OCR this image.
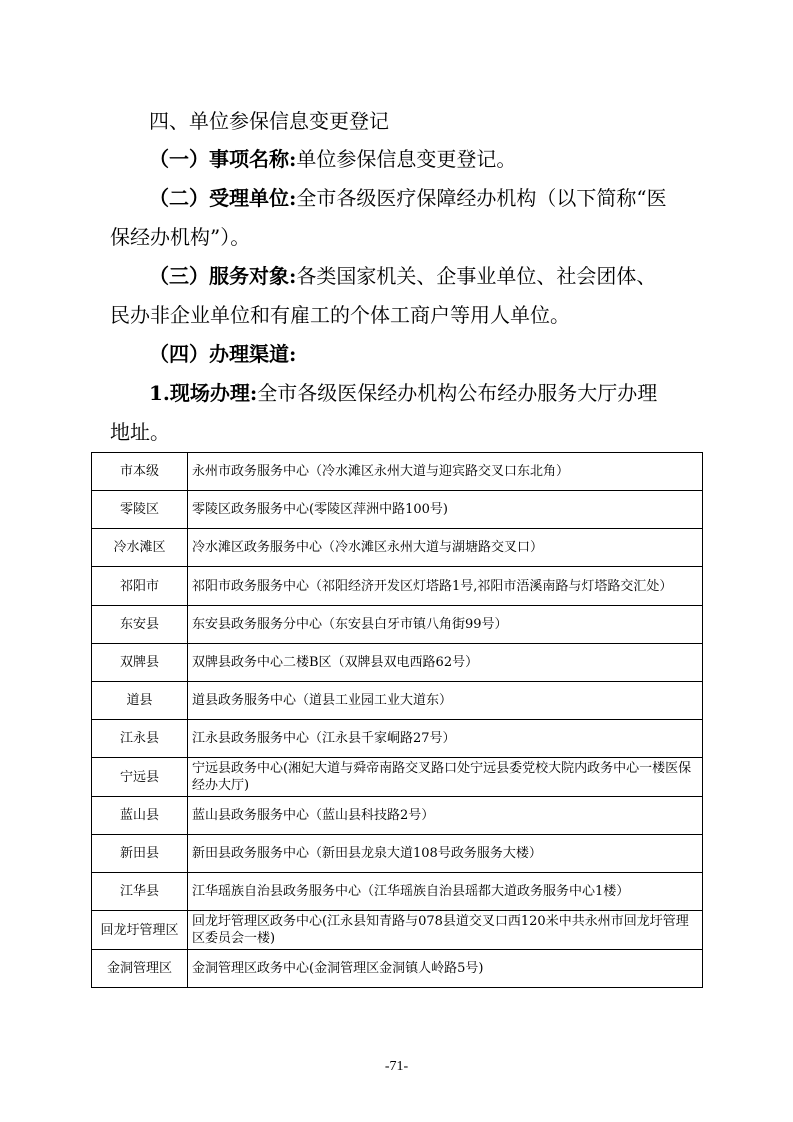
四、单位参保信息变更登记
（一）事项名称:单位参保信息变更登记。
（二）受理单位:全市各级医疗保障经办机构（以下简称“医
保经办机构”）。
（三）服务对象:各类国家机关、企事业单位、社会团体、
民办非企业单位和有雇工的个体工商户等用人单位。
（四）办理渠道:
1.现场办理:全市各级医保经办机构公布经办服务大厅办理
地址。
市本级	永州市政务服务中心（冷水滩区永州大道与迎宾路交叉口东北角）
零陵区	零陵区政务服务中心(零陵区萍洲中路100号)
冷水滩区	冷水滩区政务服务中心（冷水滩区永州大道与湖塘路交叉口）
祁阳市	祁阳市政务服务中心（祁阳经济开发区灯塔路1号,祁阳市浯溪南路与灯塔路交汇处）
东安县	东安县政务服务分中心（东安县白牙市镇八角街99号）
双牌县	双牌县政务中心二楼B区（双牌县双电西路62号）
道县	道县政务服务中心（道县工业园工业大道东）
江永县	江永县政务服务中心（江永县千家峒路27号）
宁远县	宁远县政务中心(湘妃大道与舜帝南路交叉路口处宁远县委党校大院内政务中心一楼医保经办大厅)
蓝山县	蓝山县政务服务中心（蓝山县科技路2号）
新田县	新田县政务服务中心（新田县龙泉大道108号政务服务大楼）
江华县	江华瑶族自治县政务服务中心（江华瑶族自治县瑶都大道政务服务中心1楼）
回龙圩管理区	回龙圩管理区政务中心(江永县知青路与078县道交叉口西120米中共永州市回龙圩管理区委员会一楼)
金洞管理区	金洞管理区政务中心(金洞管理区金洞镇人岭路5号)
-71-
